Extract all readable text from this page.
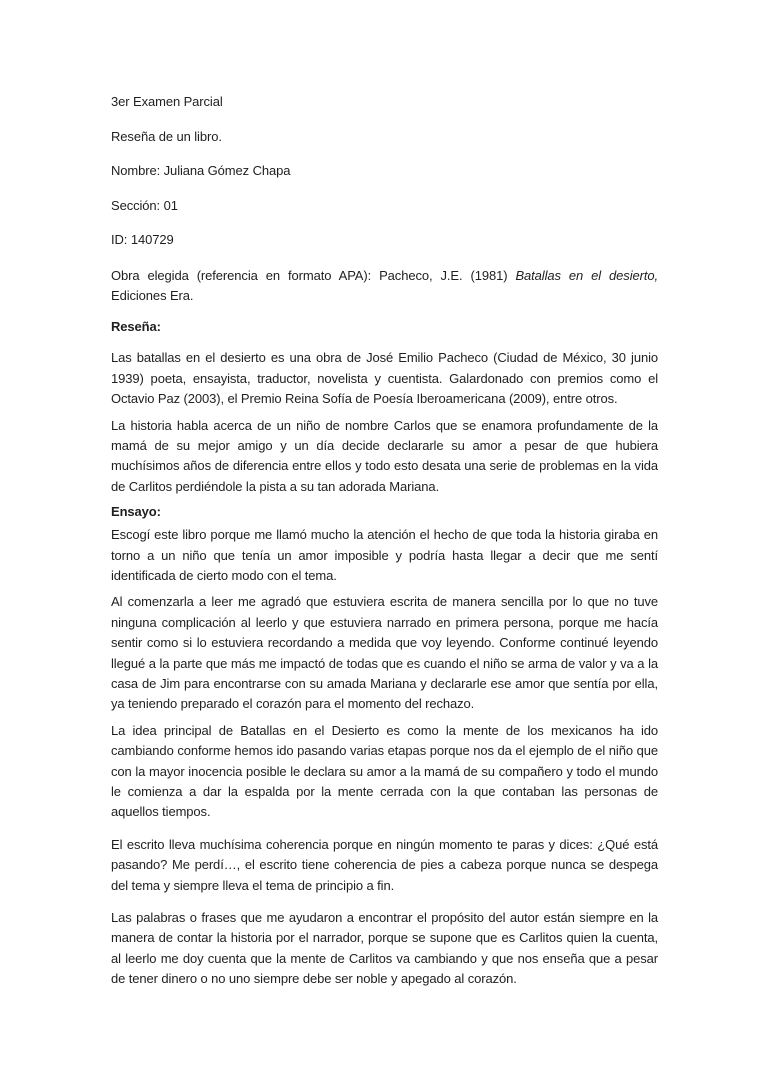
3er Examen Parcial
Reseña de un libro.
Nombre: Juliana Gómez Chapa
Sección: 01
ID: 140729
Obra elegida (referencia en formato APA): Pacheco, J.E. (1981) Batallas en el desierto, Ediciones Era.
Reseña:
Las batallas en el desierto es una obra de José Emilio Pacheco (Ciudad de México, 30 junio 1939) poeta, ensayista, traductor, novelista y cuentista. Galardonado con premios como el Octavio Paz (2003), el Premio Reina Sofía de Poesía Iberoamericana (2009), entre otros.
La historia habla acerca de un niño de nombre Carlos que se enamora profundamente de la mamá de su mejor amigo y un día decide declararle su amor a pesar de que hubiera muchísimos años de diferencia entre ellos y todo esto desata una serie de problemas en la vida de Carlitos perdiéndole la pista a su tan adorada Mariana.
Ensayo:
Escogí este libro porque me llamó mucho la atención el hecho de que toda la historia giraba en torno a un niño que tenía un amor imposible y podría hasta llegar a decir que me sentí identificada de cierto modo con el tema.
Al comenzarla a leer me agradó que estuviera escrita de manera sencilla por lo que no tuve ninguna complicación al leerlo y que estuviera narrado en primera persona, porque me hacía sentir como si lo estuviera recordando a medida que voy leyendo. Conforme continué leyendo llegué a la parte que más me impactó de todas que es cuando el niño se arma de valor y va a la casa de Jim para encontrarse con su amada Mariana y declararle ese amor que sentía por ella, ya teniendo preparado el corazón para el momento del rechazo.
La idea principal de Batallas en el Desierto es como la mente de los mexicanos ha ido cambiando conforme hemos ido pasando varias etapas porque nos da el ejemplo de el niño que con la mayor inocencia posible le declara su amor a la mamá de su compañero y todo el mundo le comienza a dar la espalda por la mente cerrada con la que contaban las personas de aquellos tiempos.
El escrito lleva muchísima coherencia porque en ningún momento te paras y dices: ¿Qué está pasando? Me perdí…, el escrito tiene coherencia de pies a cabeza porque nunca se despega del tema y siempre lleva el tema de principio a fin.
Las palabras o frases que me ayudaron a encontrar el propósito del autor están siempre en la manera de contar la historia por el narrador, porque se supone que es Carlitos quien la cuenta, al leerlo me doy cuenta que la mente de Carlitos va cambiando y que nos enseña que a pesar de tener dinero o no uno siempre debe ser noble y apegado al corazón.
